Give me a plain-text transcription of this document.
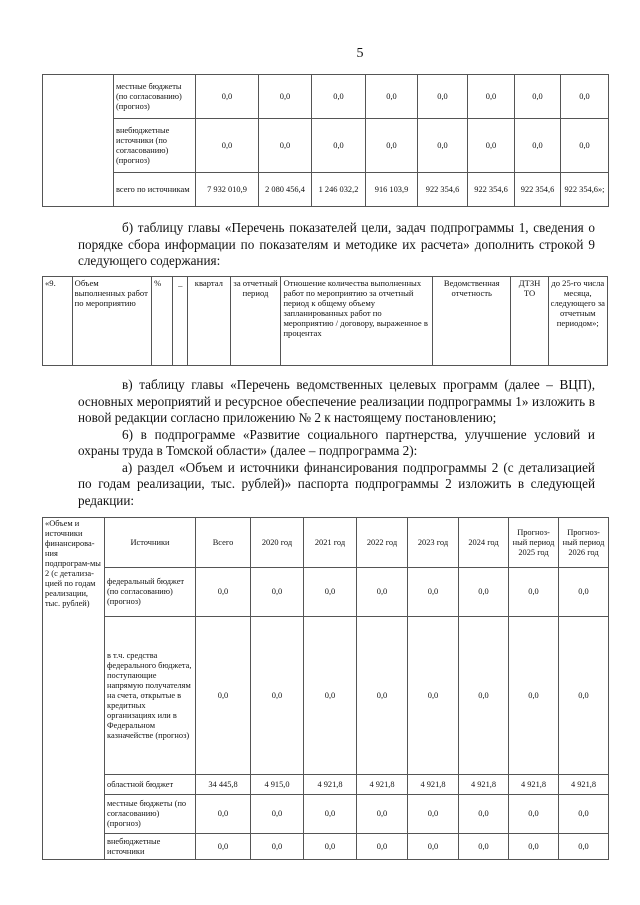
5
	местные бюджеты (по согласованию) (прогноз)	0,0	0,0	0,0	0,0	0,0	0,0	0,0	0,0
	внебюджетные источники (по согласованию) (прогноз)	0,0	0,0	0,0	0,0	0,0	0,0	0,0	0,0
	всего по источникам	7 932 010,9	2 080 456,4	1 246 032,2	916 103,9	922 354,6	922 354,6	922 354,6	922 354,6»;

б) таблицу главы «Перечень показателей цели, задач подпрограммы 1, сведения о порядке сбора информации по показателям и методике их расчета» дополнить строкой 9 следующего содержания:

«9.	Объем выполненных работ по мероприятию	%	_	квартал	за отчетный период	Отношение количества выполненных работ по мероприятию за отчетный период к общему объему запланированных работ по мероприятию / договору, выраженное в процентах	Ведомственная отчетность	ДТЗН ТО	до 25-го числа месяца, следующего за отчетным периодом»;

в) таблицу главы «Перечень ведомственных целевых программ (далее – ВЦП), основных мероприятий и ресурсное обеспечение реализации подпрограммы 1» изложить в новой редакции согласно приложению № 2 к настоящему постановлению;

6) в подпрограмме «Развитие социального партнерства, улучшение условий и охраны труда в Томской области» (далее – подпрограмма 2):

а) раздел «Объем и источники финансирования подпрограммы 2 (с детализацией по годам реализации, тыс. рублей)» паспорта подпрограммы 2 изложить в следующей редакции:

«Объем и источники финансирова-ния подпрограм-мы 2 (с детализа-цией по годам реализации, тыс. рублей)	Источники	Всего	2020 год	2021 год	2022 год	2023 год	2024 год	Прогноз-ный период 2025 год	Прогноз-ный период 2026 год
	федеральный бюджет (по согласованию) (прогноз)	0,0	0,0	0,0	0,0	0,0	0,0	0,0	0,0
	в т.ч. средства федерального бюджета, поступающие напрямую получателям на счета, открытые в кредитных организациях или в Федеральном казначействе (прогноз)	0,0	0,0	0,0	0,0	0,0	0,0	0,0	0,0
	областной бюджет	34 445,8	4 915,0	4 921,8	4 921,8	4 921,8	4 921,8	4 921,8	4 921,8
	местные бюджеты (по согласованию) (прогноз)	0,0	0,0	0,0	0,0	0,0	0,0	0,0	0,0
	внебюджетные источники	0,0	0,0	0,0	0,0	0,0	0,0	0,0	0,0
